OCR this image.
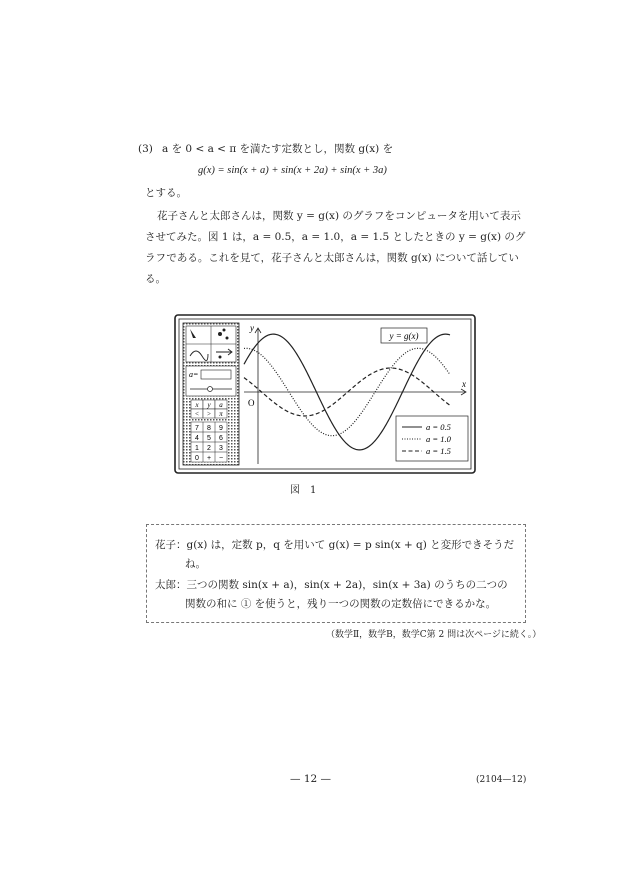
(3) a を 0 < a < π を満たす定数とし，関数 g(x) を
g(x) = sin(x + a) + sin(x + 2a) + sin(x + 3a)
とする。
花子さんと太郎さんは，関数 y = g(x) のグラフをコンピュータを用いて表示
させてみた。図 1 は，a = 0.5，a = 1.0，a = 1.5 としたときの y = g(x) のグ
ラフである。これを見て，花子さんと太郎さんは，関数 g(x) について話してい
る。
a=
x y a
< > π
7 8 9
4 5 6
1 2 3
0 + −
x
y
O
y = g(x)
a = 0.5
a = 1.0
a = 1.5
図　1
花子：g(x) は，定数 p，q を用いて g(x) = p sin(x + q) と変形できそうだ
ね。
太郎：三つの関数 sin(x + a)，sin(x + 2a)，sin(x + 3a) のうちの二つの
関数の和に ① を使うと，残り一つの関数の定数倍にできるかな。
（数学Ⅱ，数学B，数学C第 2 問は次ページに続く。）
— 12 —	(2104—12)
